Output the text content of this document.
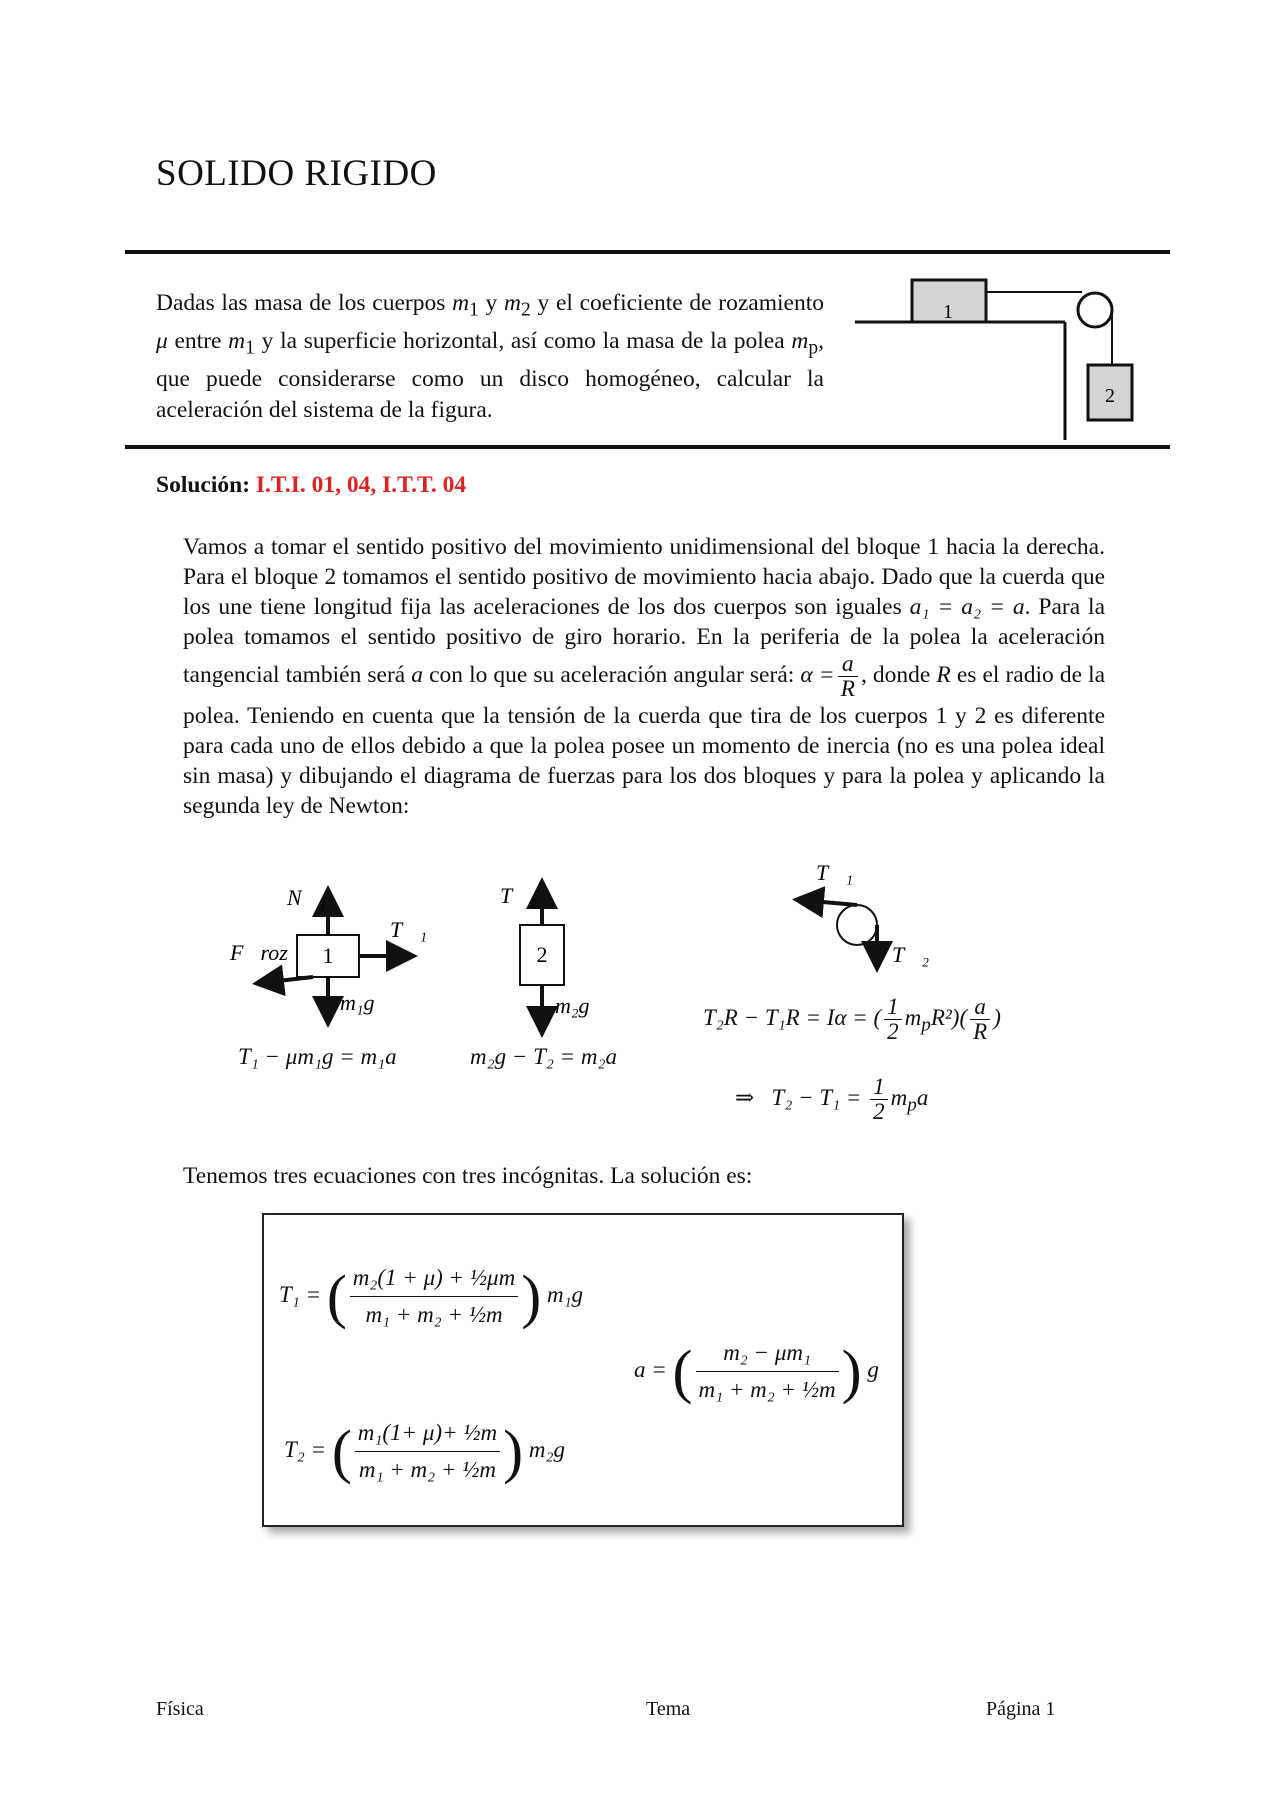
SOLIDO RIGIDO
Dadas las masa de los cuerpos $m_1$ y $m_2$ y el coeficiente de rozamiento μ entre $m_1$ y la superficie horizontal, así como la masa de la polea $m_p$, que puede considerarse como un disco homogéneo, calcular la aceleración del sistema de la figura.
1
2
Solución: I.T.I. 01, 04, I.T.T. 04
Vamos a tomar el sentido positivo del movimiento unidimensional del bloque 1 hacia la derecha. Para el bloque 2 tomamos el sentido positivo de movimiento hacia abajo. Dado que la cuerda que los une tiene longitud fija las aceleraciones de los dos cuerpos son iguales a₁ = a₂ = a. Para la polea tomamos el sentido positivo de giro horario. En la periferia de la polea la aceleración tangencial también será a con lo que su aceleración angular será: $\alpha = \frac{a}{R}$ , donde R es el radio de la polea. Teniendo en cuenta que la tensión de la cuerda que tira de los cuerpos 1 y 2 es diferente para cada uno de ellos debido a que la polea posee un momento de inercia (no es una polea ideal sin masa) y dibujando el diagrama de fuerzas para los dos bloques y para la polea y aplicando la segunda ley de Newton:
1
N⃗₁
T⃗₁
F⃗roz
m₁g⃗
T₁ − μm₁g = m₁a
2
T⃗₂
m₂g⃗
m₂g − T₂ = m₂a
T⃗₁
T⃗₂
T₂R − T₁R = Iα = ( $\frac{1}{2} m_pR^2)( \frac{a}{R}$ )
⇒ $T_2 - T_1 = \frac{1}{2} m_pa$
Tenemos tres ecuaciones con tres incógnitas. La solución es:
T₁ = ( $\frac{\text{m₂(1 + μ) + ½μm}}{\text{m₁ + m₂ + ½m}}$ ) m₁g
T₂ = ( $\frac{\text{m₁(1+ μ)+ ½m}}{\text{m₁ + m₂ + ½m}}$ ) m₂g
a = ( $\frac{\text{m₂ − μm₁}}{\text{m₁ + m₂ + ½m}}$ ) g
Física	Tema	Página 1
